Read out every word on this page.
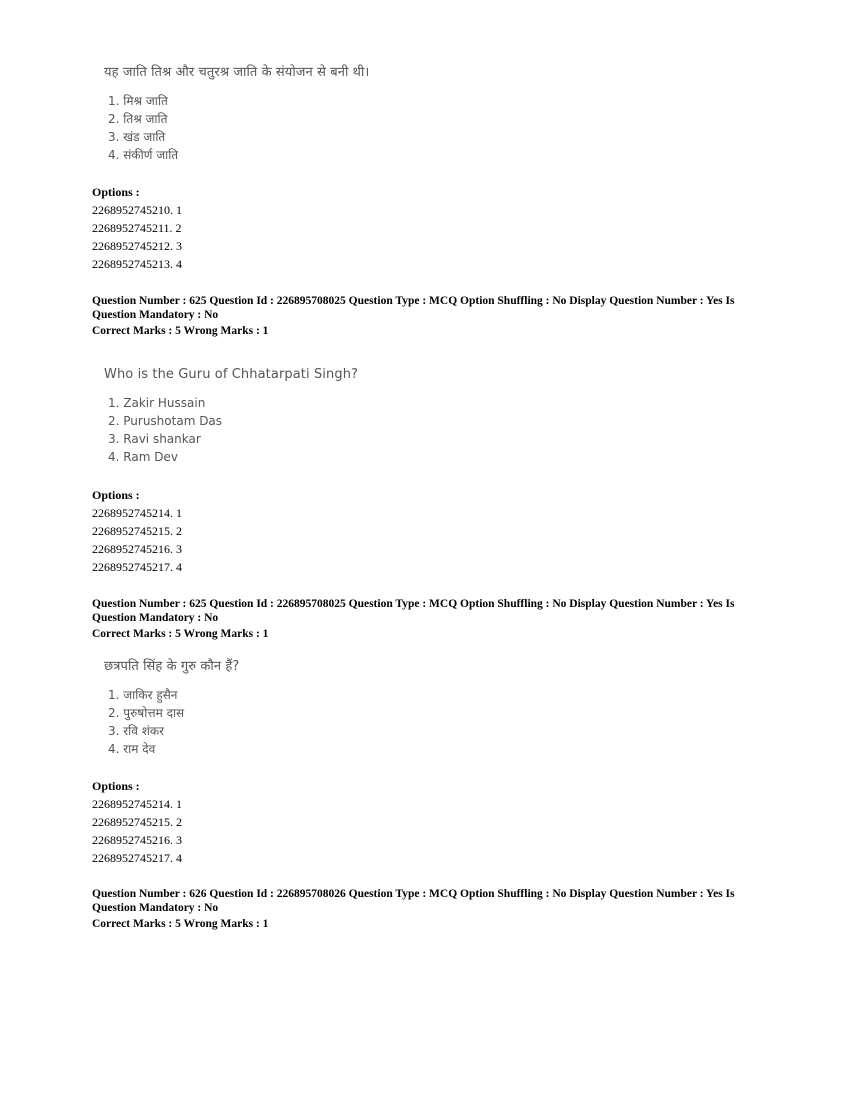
यह जाति तिश्र और चतुरश्र जाति के संयोजन से बनी थी।
1. मिश्र जाति
2. तिश्र जाति
3. खंड जाति
4. संकीर्ण जाति
Options :
2268952745210. 1
2268952745211. 2
2268952745212. 3
2268952745213. 4
Question Number : 625 Question Id : 226895708025 Question Type : MCQ Option Shuffling : No Display Question Number : Yes Is
Question Mandatory : No
Correct Marks : 5 Wrong Marks : 1
Who is the Guru of Chhatarpati Singh?
1. Zakir Hussain
2. Purushotam Das
3. Ravi shankar
4. Ram Dev
Options :
2268952745214. 1
2268952745215. 2
2268952745216. 3
2268952745217. 4
Question Number : 625 Question Id : 226895708025 Question Type : MCQ Option Shuffling : No Display Question Number : Yes Is
Question Mandatory : No
Correct Marks : 5 Wrong Marks : 1
छत्रपति सिंह के गुरु कौन हैं?
1. जाकिर हुसैन
2. पुरुषोत्तम दास
3. रवि शंकर
4. राम देव
Options :
2268952745214. 1
2268952745215. 2
2268952745216. 3
2268952745217. 4
Question Number : 626 Question Id : 226895708026 Question Type : MCQ Option Shuffling : No Display Question Number : Yes Is
Question Mandatory : No
Correct Marks : 5 Wrong Marks : 1
